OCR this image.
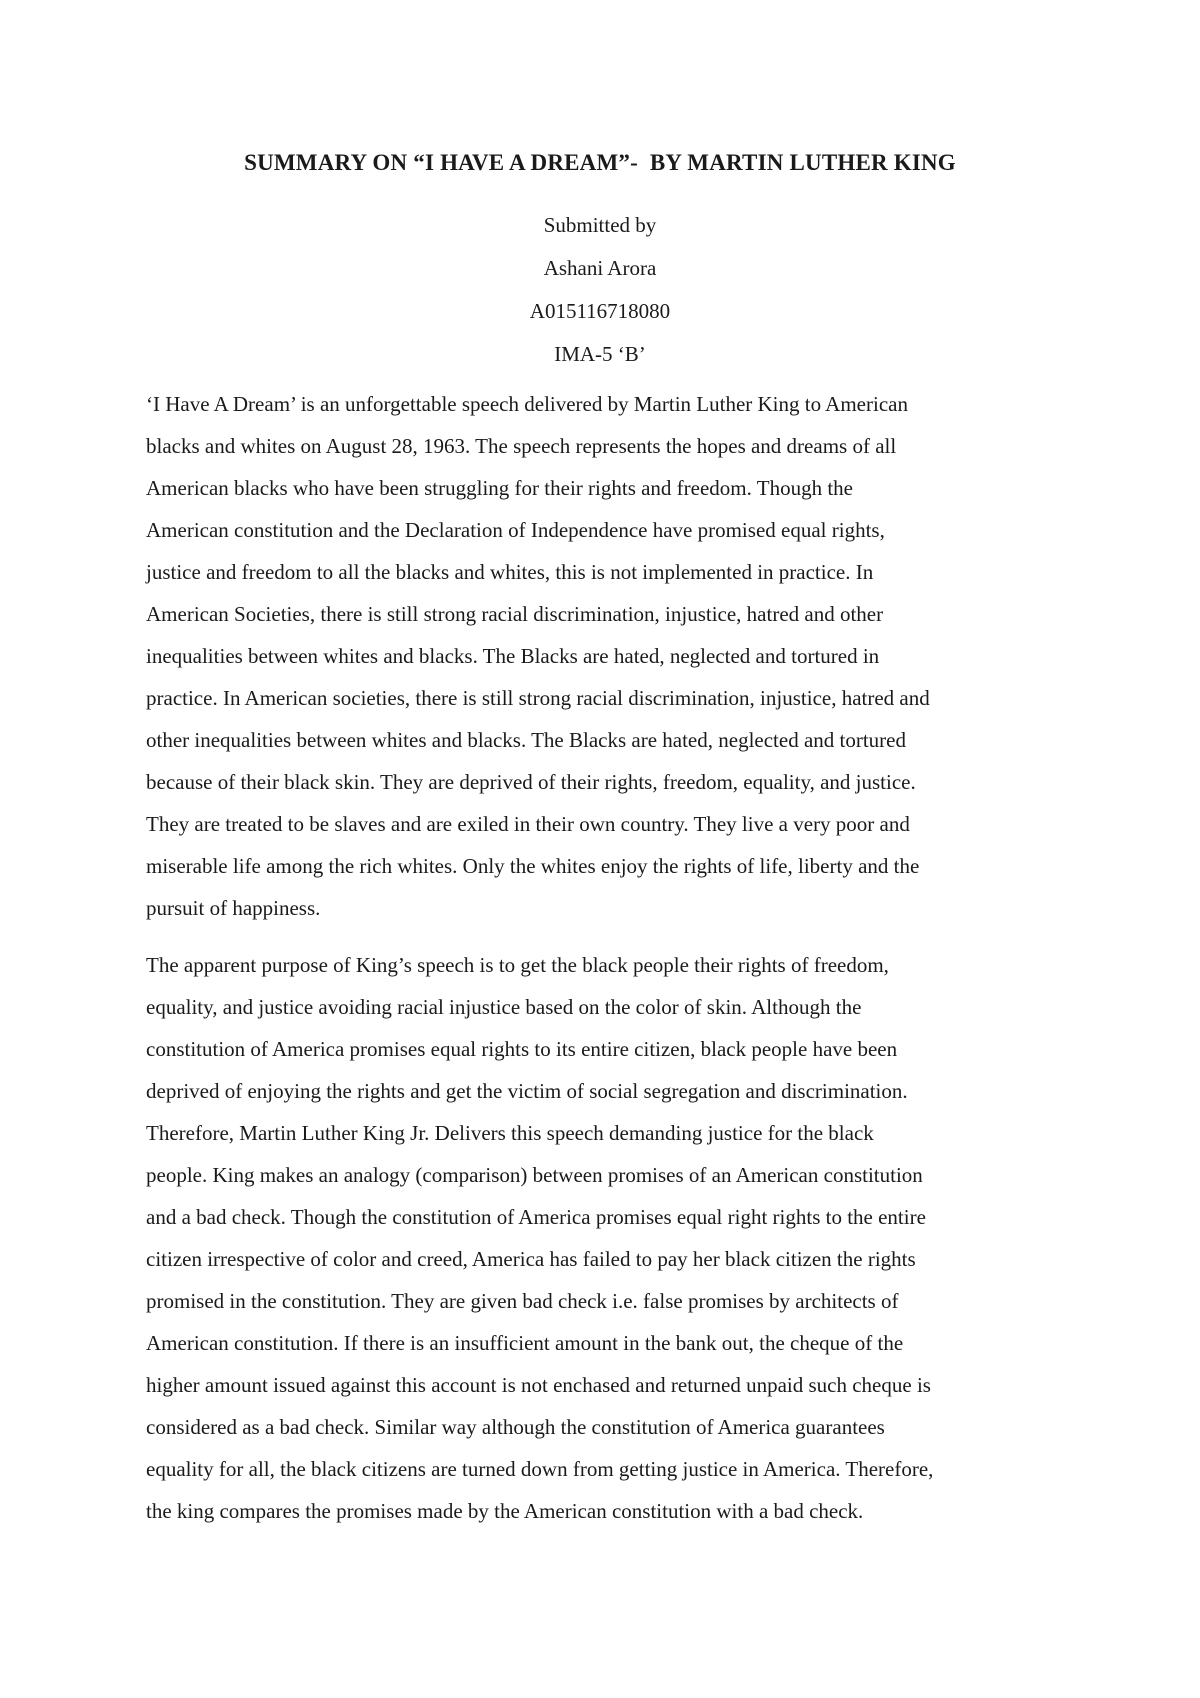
SUMMARY ON “I HAVE A DREAM”-  BY MARTIN LUTHER KING

Submitted by

Ashani Arora

A015116718080

IMA-5 ‘B’

‘I Have A Dream’ is an unforgettable speech delivered by Martin Luther King to American
blacks and whites on August 28, 1963. The speech represents the hopes and dreams of all
American blacks who have been struggling for their rights and freedom. Though the
American constitution and the Declaration of Independence have promised equal rights,
justice and freedom to all the blacks and whites, this is not implemented in practice. In
American Societies, there is still strong racial discrimination, injustice, hatred and other
inequalities between whites and blacks. The Blacks are hated, neglected and tortured in
practice. In American societies, there is still strong racial discrimination, injustice, hatred and
other inequalities between whites and blacks. The Blacks are hated, neglected and tortured
because of their black skin. They are deprived of their rights, freedom, equality, and justice.
They are treated to be slaves and are exiled in their own country. They live a very poor and
miserable life among the rich whites. Only the whites enjoy the rights of life, liberty and the
pursuit of happiness.
The apparent purpose of King’s speech is to get the black people their rights of freedom,
equality, and justice avoiding racial injustice based on the color of skin. Although the
constitution of America promises equal rights to its entire citizen, black people have been
deprived of enjoying the rights and get the victim of social segregation and discrimination.
Therefore, Martin Luther King Jr. Delivers this speech demanding justice for the black
people. King makes an analogy (comparison) between promises of an American constitution
and a bad check. Though the constitution of America promises equal right rights to the entire
citizen irrespective of color and creed, America has failed to pay her black citizen the rights
promised in the constitution. They are given bad check i.e. false promises by architects of
American constitution. If there is an insufficient amount in the bank out, the cheque of the
higher amount issued against this account is not enchased and returned unpaid such cheque is
considered as a bad check. Similar way although the constitution of America guarantees
equality for all, the black citizens are turned down from getting justice in America. Therefore,
the king compares the promises made by the American constitution with a bad check.
